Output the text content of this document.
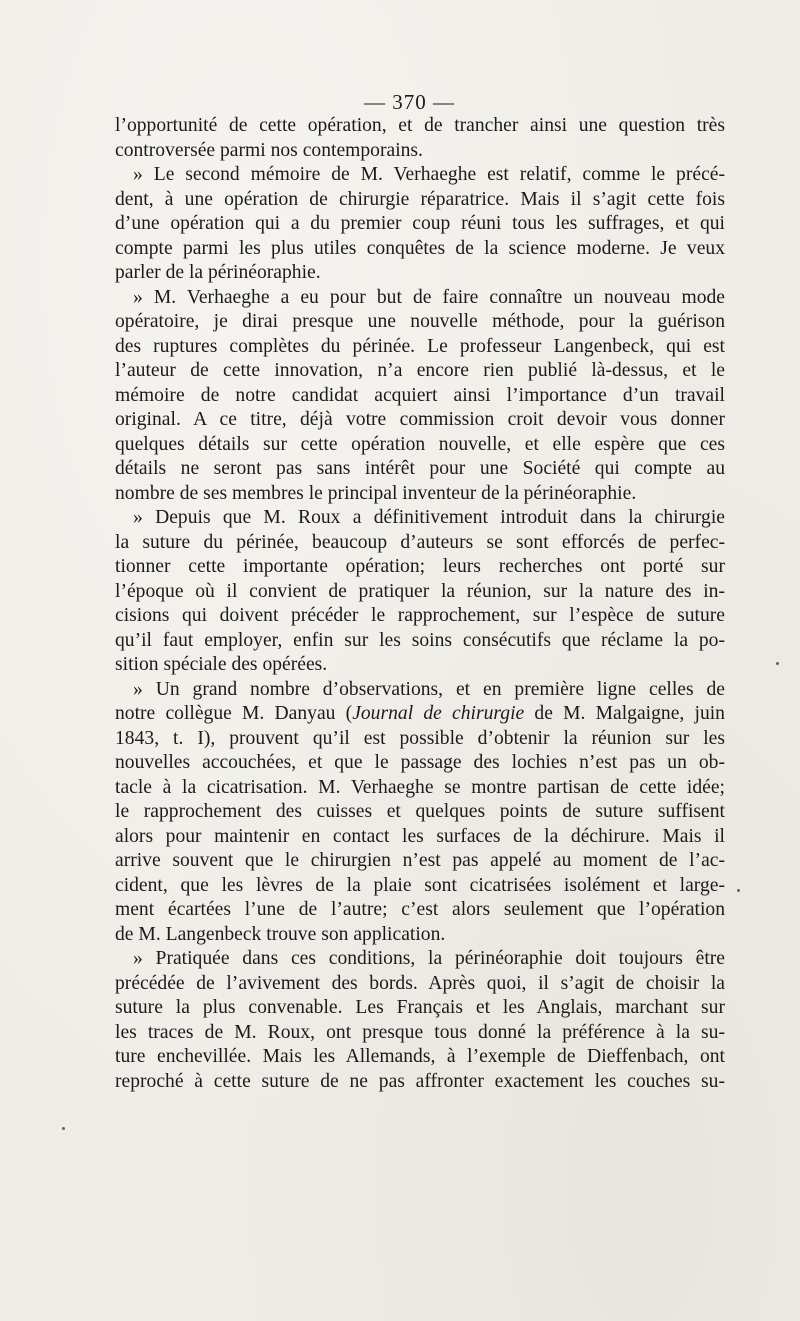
— 370 —
l’opportunité de cette opération, et de trancher ainsi une question très
controversée parmi nos contemporains.
» Le second mémoire de M. Verhaeghe est relatif, comme le précé-
dent, à une opération de chirurgie réparatrice. Mais il s’agit cette fois
d’une opération qui a du premier coup réuni tous les suffrages, et qui
compte parmi les plus utiles conquêtes de la science moderne. Je veux
parler de la périnéoraphie.
» M. Verhaeghe a eu pour but de faire connaître un nouveau mode
opératoire, je dirai presque une nouvelle méthode, pour la guérison
des ruptures complètes du périnée. Le professeur Langenbeck, qui est
l’auteur de cette innovation, n’a encore rien publié là-dessus, et le
mémoire de notre candidat acquiert ainsi l’importance d’un travail
original. A ce titre, déjà votre commission croit devoir vous donner
quelques détails sur cette opération nouvelle, et elle espère que ces
détails ne seront pas sans intérêt pour une Société qui compte au
nombre de ses membres le principal inventeur de la périnéoraphie.
» Depuis que M. Roux a définitivement introduit dans la chirurgie
la suture du périnée, beaucoup d’auteurs se sont efforcés de perfec-
tionner cette importante opération; leurs recherches ont porté sur
l’époque où il convient de pratiquer la réunion, sur la nature des in-
cisions qui doivent précéder le rapprochement, sur l’espèce de suture
qu’il faut employer, enfin sur les soins consécutifs que réclame la po-
sition spéciale des opérées.
» Un grand nombre d’observations, et en première ligne celles de
notre collègue M. Danyau (Journal de chirurgie de M. Malgaigne, juin
1843, t. I), prouvent qu’il est possible d’obtenir la réunion sur les
nouvelles accouchées, et que le passage des lochies n’est pas un ob-
tacle à la cicatrisation. M. Verhaeghe se montre partisan de cette idée;
le rapprochement des cuisses et quelques points de suture suffisent
alors pour maintenir en contact les surfaces de la déchirure. Mais il
arrive souvent que le chirurgien n’est pas appelé au moment de l’ac-
cident, que les lèvres de la plaie sont cicatrisées isolément et large-
ment écartées l’une de l’autre; c’est alors seulement que l’opération
de M. Langenbeck trouve son application.
» Pratiquée dans ces conditions, la périnéoraphie doit toujours être
précédée de l’avivement des bords. Après quoi, il s’agit de choisir la
suture la plus convenable. Les Français et les Anglais, marchant sur
les traces de M. Roux, ont presque tous donné la préférence à la su-
ture enchevillée. Mais les Allemands, à l’exemple de Dieffenbach, ont
reproché à cette suture de ne pas affronter exactement les couches su-
